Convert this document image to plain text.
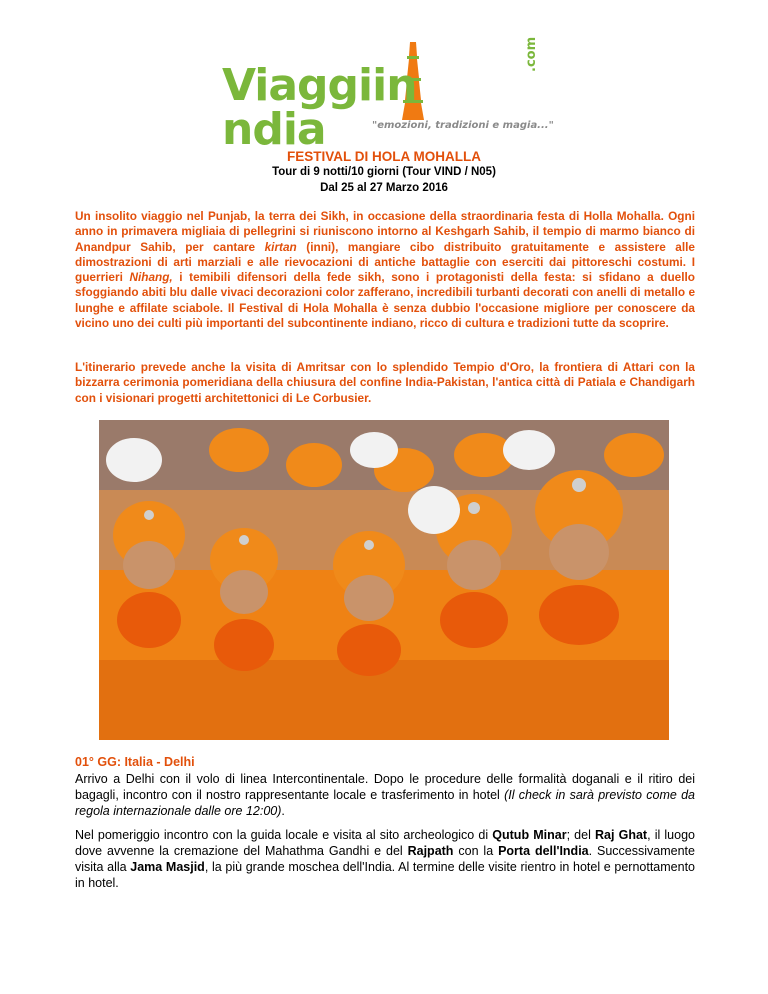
Viaggiinndia
.com
"emozioni, tradizioni e magia..."
FESTIVAL DI HOLA MOHALLA
Tour di 9 notti/10 giorni (Tour VIND / N05)
Dal 25 al 27 Marzo 2016

Un insolito viaggio nel Punjab, la terra dei Sikh, in occasione della straordinaria festa di Holla Mohalla. Ogni anno in primavera migliaia di pellegrini si riuniscono intorno al Keshgarh Sahib, il tempio di marmo bianco di Anandpur Sahib, per cantare kirtan (inni), mangiare cibo distribuito gratuitamente e assistere alle dimostrazioni di arti marziali e alle rievocazioni di antiche battaglie con eserciti dai pittoreschi costumi. I guerrieri Nihang, i temibili difensori della fede sikh, sono i protagonisti della festa: si sfidano a duello sfoggiando abiti blu dalle vivaci decorazioni color zafferano, incredibili turbanti decorati con anelli di metallo e lunghe e affilate sciabole. Il Festival di Hola Mohalla è senza dubbio l'occasione migliore per conoscere da vicino uno dei culti più importanti del subcontinente indiano, ricco di cultura e tradizioni tutte da scoprire.

L'itinerario prevede anche la visita di Amritsar con lo splendido Tempio d'Oro, la frontiera di Attari con la bizzarra cerimonia pomeridiana della chiusura del confine India-Pakistan, l'antica città di Patiala e Chandigarh con i visionari progetti architettonici di Le Corbusier.

01° GG: Italia - Delhi

Arrivo a Delhi con il volo di linea Intercontinentale. Dopo le procedure delle formalità doganali e il ritiro dei bagagli, incontro con il nostro rappresentante locale e trasferimento in hotel (Il check in sarà previsto come da regola internazionale dalle ore 12:00).

Nel pomeriggio incontro con la guida locale e visita al sito archeologico di Qutub Minar; del Raj Ghat, il luogo dove avvenne la cremazione del Mahathma Gandhi e del Rajpath con la Porta dell'India. Successivamente visita alla Jama Masjid, la più grande moschea dell'India. Al termine delle visite rientro in hotel e pernottamento in hotel.
